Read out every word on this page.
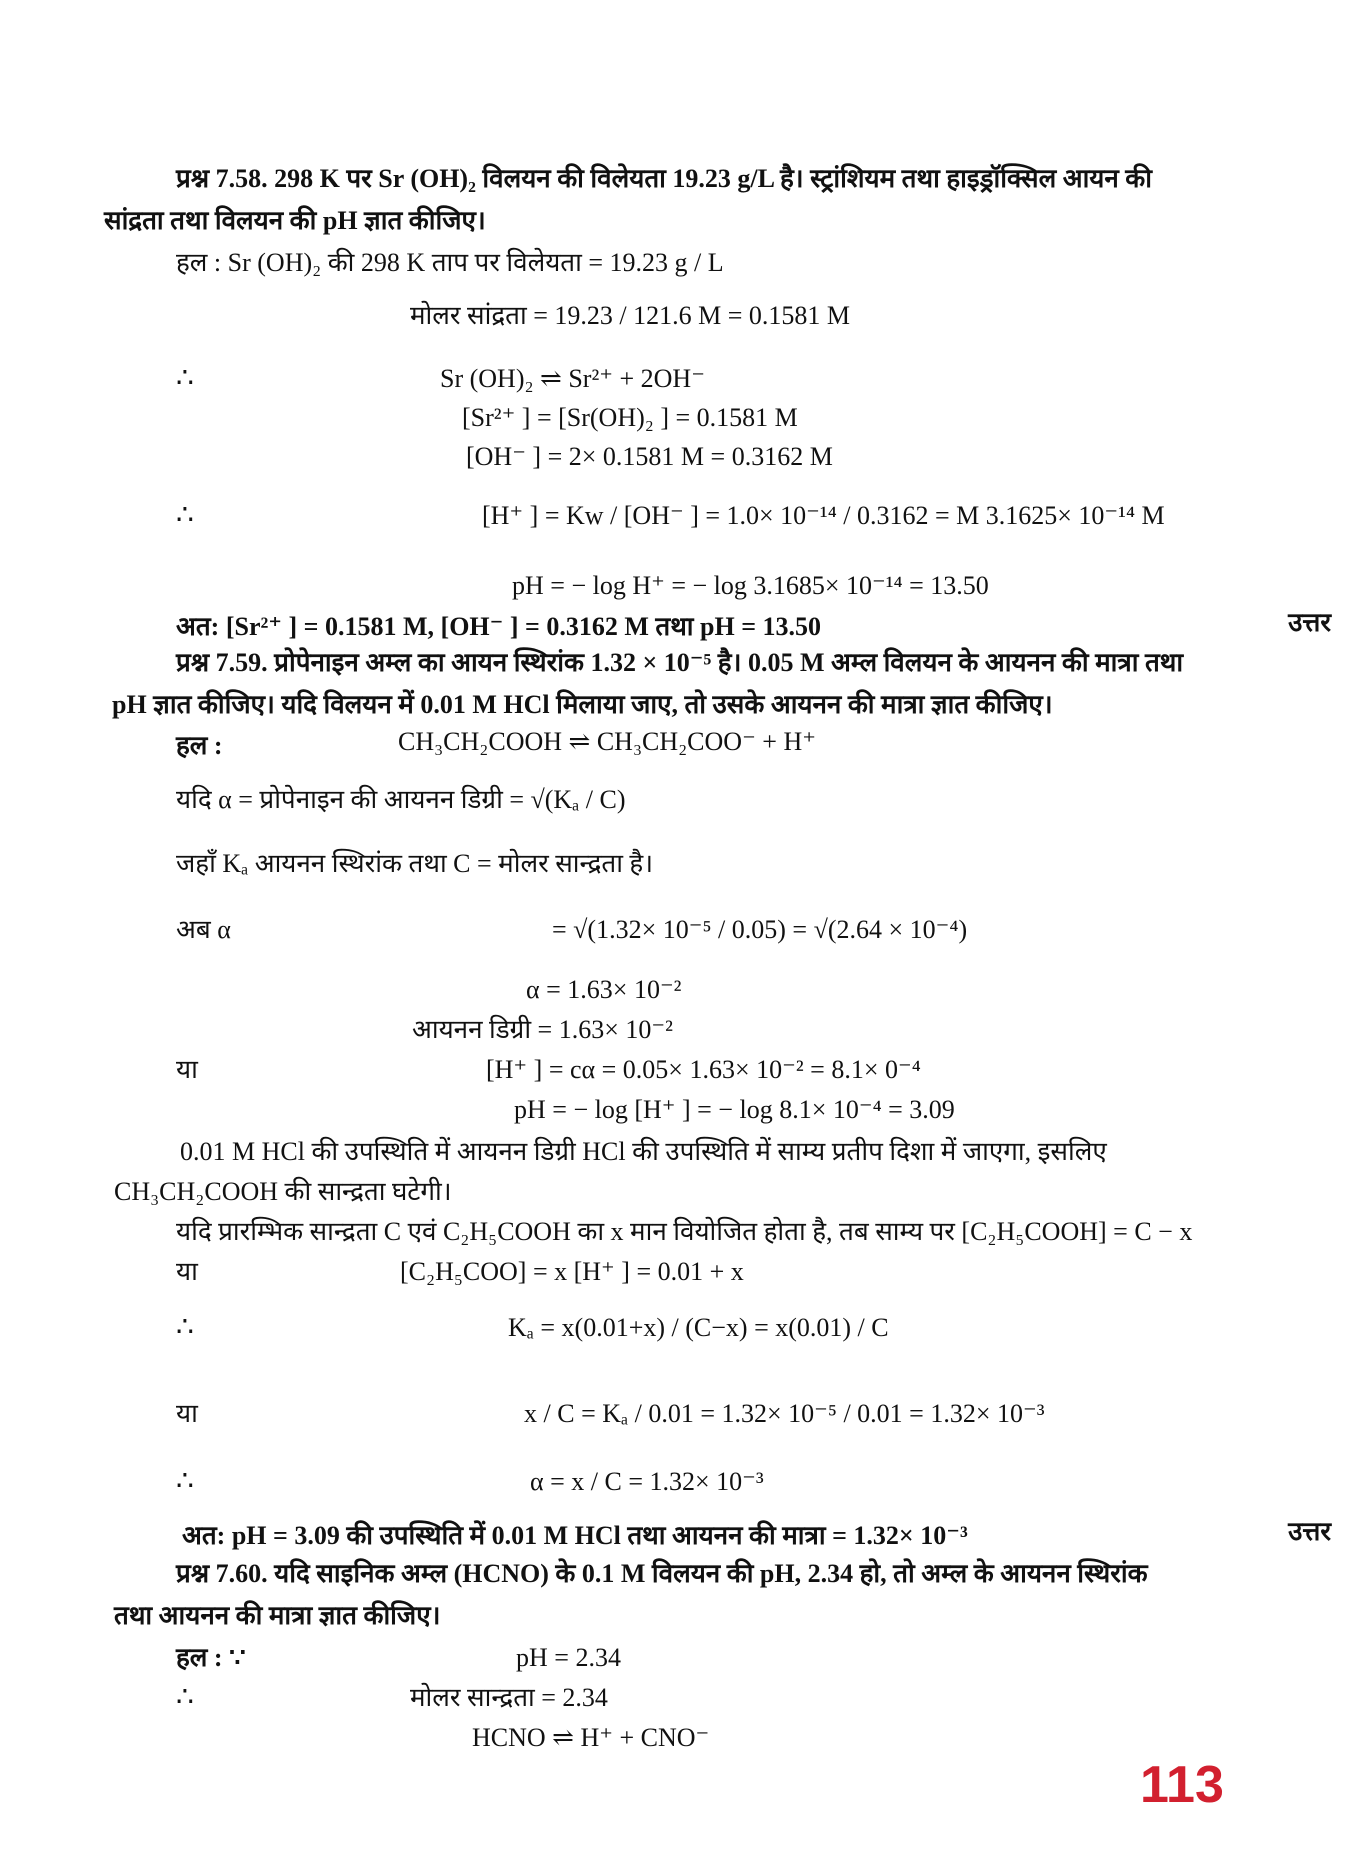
प्रश्न 7.58. 298 K पर Sr (OH)₂ विलयन की विलेयता 19.23 g/L है। स्ट्रांशियम तथा हाइड्रॉक्सिल आयन की
सांद्रता तथा विलयन की pH ज्ञात कीजिए।
हल : Sr (OH)₂ की 298 K ताप पर विलेयता = 19.23 g / L
मोलर सांद्रता = 19.23 / 121.6 M = 0.1581 M
∴	Sr (OH)₂ ⇌ Sr²⁺ + 2OH⁻
[Sr²⁺ ] = [Sr(OH)₂ ] = 0.1581 M
[OH⁻ ] = 2× 0.1581 M = 0.3162 M
∴	[H⁺ ] = Kw / [OH⁻ ] = 1.0× 10⁻¹⁴ / 0.3162 = M 3.1625× 10⁻¹⁴ M
pH = − log H⁺ = − log 3.1685× 10⁻¹⁴ = 13.50
अत: [Sr²⁺ ] = 0.1581 M, [OH⁻ ] = 0.3162 M तथा pH = 13.50	उत्तर
प्रश्न 7.59. प्रोपेनाइन अम्ल का आयन स्थिरांक 1.32 × 10⁻⁵ है। 0.05 M अम्ल विलयन के आयनन की मात्रा तथा
pH ज्ञात कीजिए। यदि विलयन में 0.01 M HCl मिलाया जाए, तो उसके आयनन की मात्रा ज्ञात कीजिए।
हल :	CH₃CH₂COOH ⇌ CH₃CH₂COO⁻ + H⁺
यदि α = प्रोपेनाइन की आयनन डिग्री = √(Kₐ / C)
जहाँ Kₐ आयनन स्थिरांक तथा C = मोलर सान्द्रता है।
अब α	= √(1.32× 10⁻⁵ / 0.05) = √(2.64 × 10⁻⁴)
α = 1.63× 10⁻²
आयनन डिग्री = 1.63× 10⁻²
या	[H⁺ ] = cα = 0.05× 1.63× 10⁻² = 8.1× 0⁻⁴
pH = − log [H⁺ ] = − log 8.1× 10⁻⁴ = 3.09
0.01 M HCl की उपस्थिति में आयनन डिग्री HCl की उपस्थिति में साम्य प्रतीप दिशा में जाएगा, इसलिए
CH₃CH₂COOH की सान्द्रता घटेगी।
यदि प्रारम्भिक सान्द्रता C एवं C₂H₅COOH का x मान वियोजित होता है, तब साम्य पर [C₂H₅COOH] = C − x
या	[C₂H₅COO] = x [H⁺ ] = 0.01 + x
∴	Kₐ = x(0.01+x) / (C−x) = x(0.01) / C
या	x / C = Kₐ / 0.01 = 1.32× 10⁻⁵ / 0.01 = 1.32× 10⁻³
∴	α = x / C = 1.32× 10⁻³
अत: pH = 3.09 की उपस्थिति में 0.01 M HCl तथा आयनन की मात्रा = 1.32× 10⁻³	उत्तर
प्रश्न 7.60. यदि साइनिक अम्ल (HCNO) के 0.1 M विलयन की pH, 2.34 हो, तो अम्ल के आयनन स्थिरांक
तथा आयनन की मात्रा ज्ञात कीजिए।
हल : ∵	pH = 2.34
∴	मोलर सान्द्रता = 2.34
HCNO ⇌ H⁺ + CNO⁻
113
